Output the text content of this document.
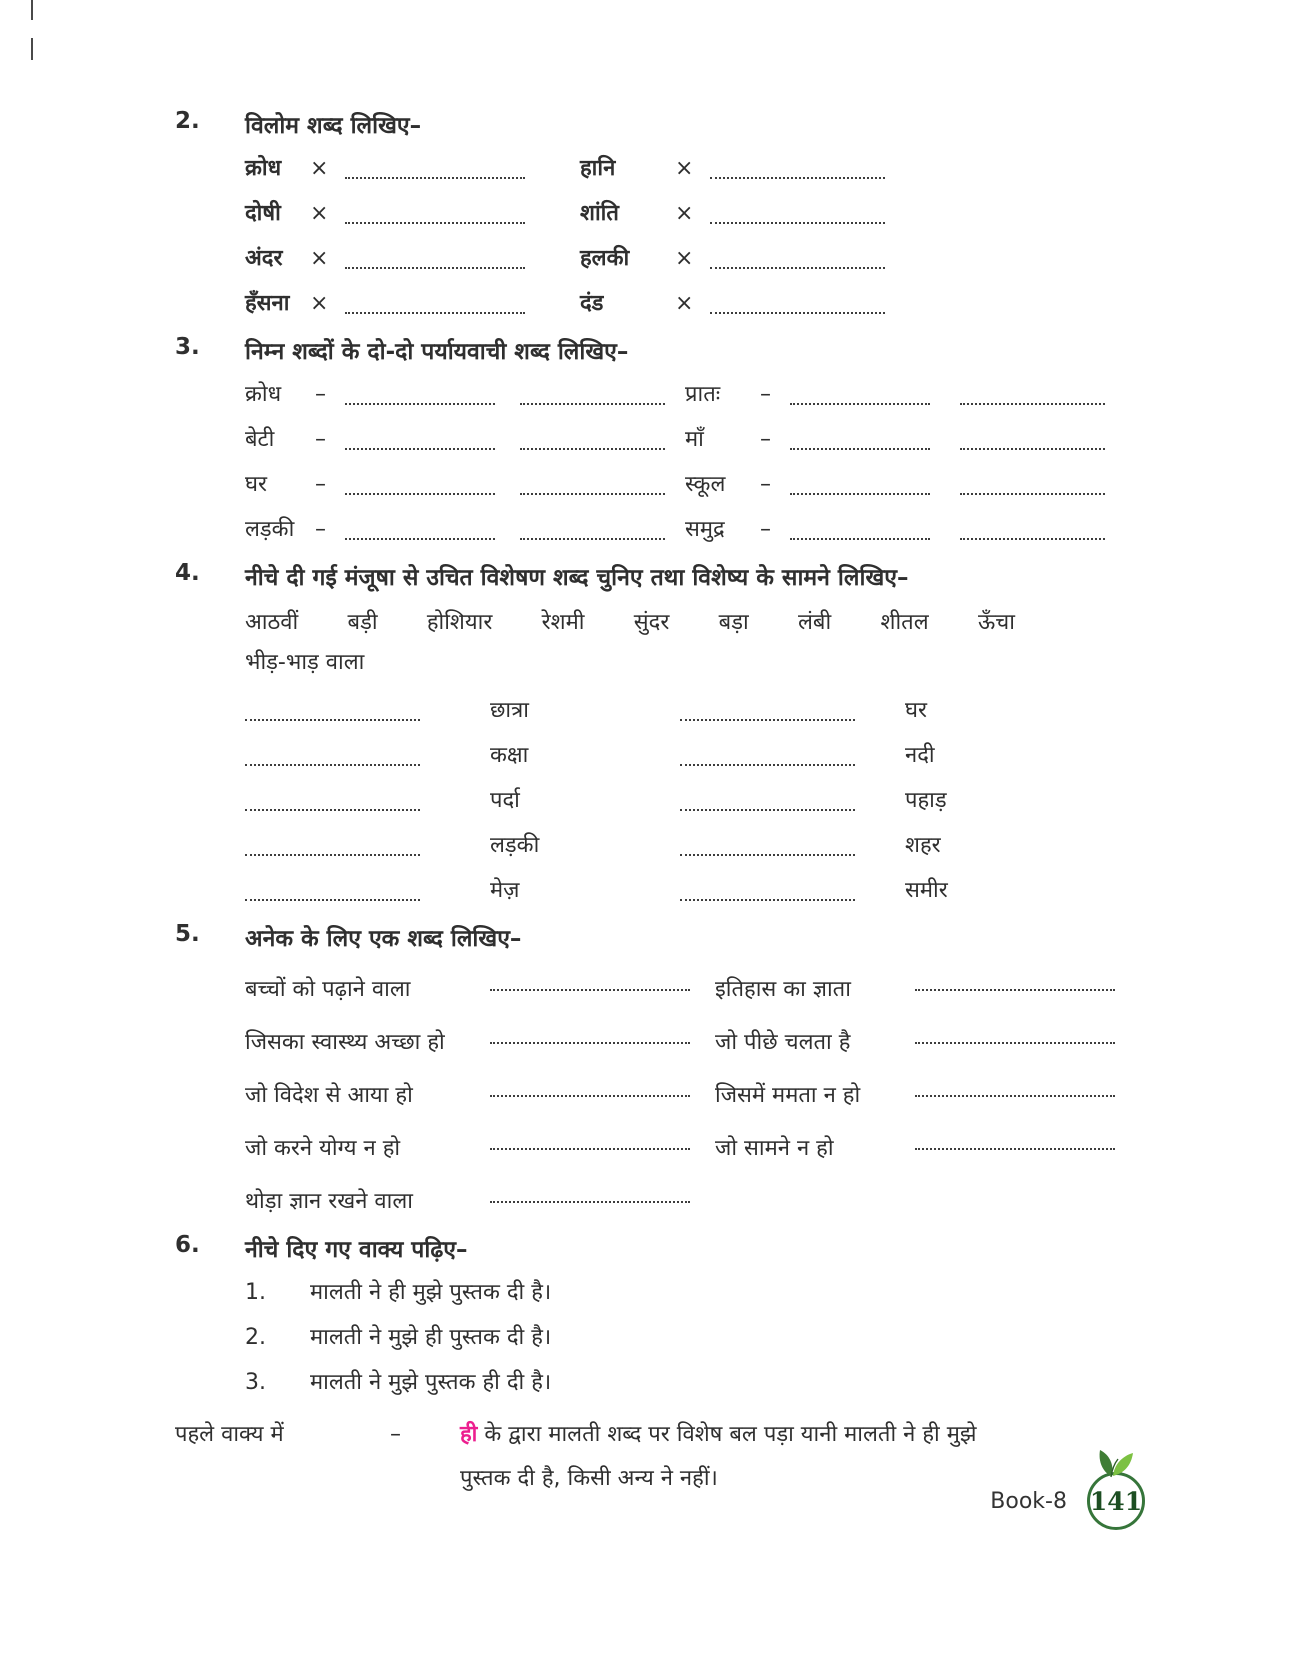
2.	विलोम शब्द लिखिए–
क्रोध	×	हानि	×
दोषी	×	शांति	×
अंदर	×	हलकी	×
हँसना ×	दंड	×
3.	निम्न शब्दों के दो-दो पर्यायवाची शब्द लिखिए–
क्रोध	–	प्रातः	–
बेटी	–	माँ	–
घर	–	स्कूल	–
लड़की –	समुद्र	–
4.	नीचे दी गई मंजूषा से उचित विशेषण शब्द चुनिए तथा विशेष्य के सामने लिखिए–
आठवीं बड़ी होशियार रेशमी सुंदर बड़ा लंबी शीतल ऊँचा
भीड़-भाड़ वाला
छात्रा	घर
कक्षा	नदी
पर्दा	पहाड़
लड़की	शहर
मेज़	समीर
5.	अनेक के लिए एक शब्द लिखिए–
बच्चों को पढ़ाने वाला	इतिहास का ज्ञाता
जिसका स्वास्थ्य अच्छा हो	जो पीछे चलता है
जो विदेश से आया हो	जिसमें ममता न हो
जो करने योग्य न हो	जो सामने न हो
थोड़ा ज्ञान रखने वाला
6.	नीचे दिए गए वाक्य पढ़िए–
1.	मालती ने ही मुझे पुस्तक दी है।
2.	मालती ने मुझे ही पुस्तक दी है।
3.	मालती ने मुझे पुस्तक ही दी है।
पहले वाक्य में	–	ही के द्वारा मालती शब्द पर विशेष बल पड़ा यानी मालती ने ही मुझे
पुस्तक दी है, किसी अन्य ने नहीं।
Book-8 141
